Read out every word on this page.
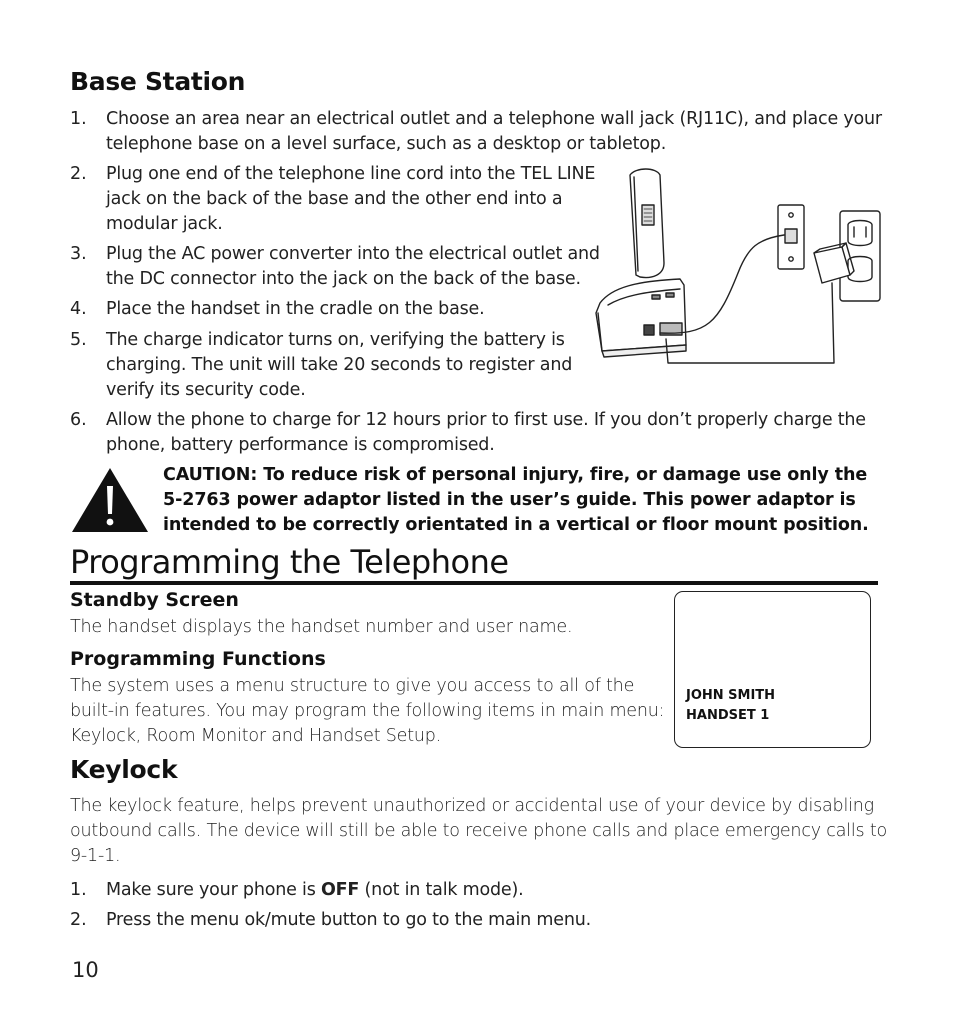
Base Station
1. Choose an area near an electrical outlet and a telephone wall jack (RJ11C), and place your
telephone base on a level surface, such as a desktop or tabletop.
2. Plug one end of the telephone line cord into the TEL LINE
jack on the back of the base and the other end into a
modular jack.
3. Plug the AC power converter into the electrical outlet and
the DC connector into the jack on the back of the base.
4. Place the handset in the cradle on the base.
5. The charge indicator turns on, verifying the battery is
charging. The unit will take 20 seconds to register and
verify its security code.
6. Allow the phone to charge for 12 hours prior to first use. If you don’t properly charge the
phone, battery performance is compromised.
CAUTION: To reduce risk of personal injury, fire, or damage use only the
5-2763 power adaptor listed in the user’s guide. This power adaptor is
intended to be correctly orientated in a vertical or floor mount position.
Programming the Telephone
Standby Screen
The handset displays the handset number and user name.
Programming Functions
The system uses a menu structure to give you access to all of the
built-in features. You may program the following items in main menu:
Keylock, Room Monitor and Handset Setup.
JOHN SMITH
HANDSET 1
Keylock
The keylock feature, helps prevent unauthorized or accidental use of your device by disabling
outbound calls. The device will still be able to receive phone calls and place emergency calls to
9-1-1.
1. Make sure your phone is OFF (not in talk mode).
2. Press the menu ok/mute button to go to the main menu.
10
